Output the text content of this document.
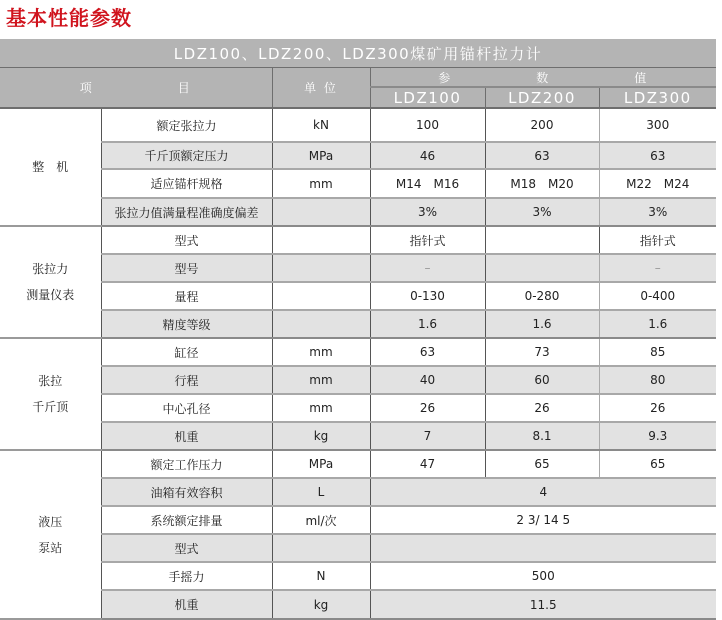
基本性能参数
LDZ100、LDZ200、LDZ300煤矿用锚杆拉力计					
项　　　　　　目		单 位	参　　　　　　数　　　　　　值		
			LDZ100	LDZ200	LDZ300
整　机	额定张拉力	kN	100	200	300
	千斤顶额定压力	MPa	46	63	63
	适应锚杆规格	mm	M14　M16	M18　M20	M22　M24
	张拉力值满量程准确度偏差		3%	3%	3%

张拉力
测量仪表	型式		指针式		指针式
	型号		–		–
	量程		0-130	0-280	0-400
	精度等级		1.6	1.6	1.6

张拉
千斤顶	缸径	mm	63	73	85
	行程	mm	40	60	80
	中心孔径	mm	26	26	26
	机重	kg	7	8.1	9.3

液压
泵站	额定工作压力	MPa	47	65	65
	油箱有效容积	L	4		
	系统额定排量	ml/次	2 3/ 14 5		
	型式				
	手摇力	N	500		
	机重	kg	11.5		
